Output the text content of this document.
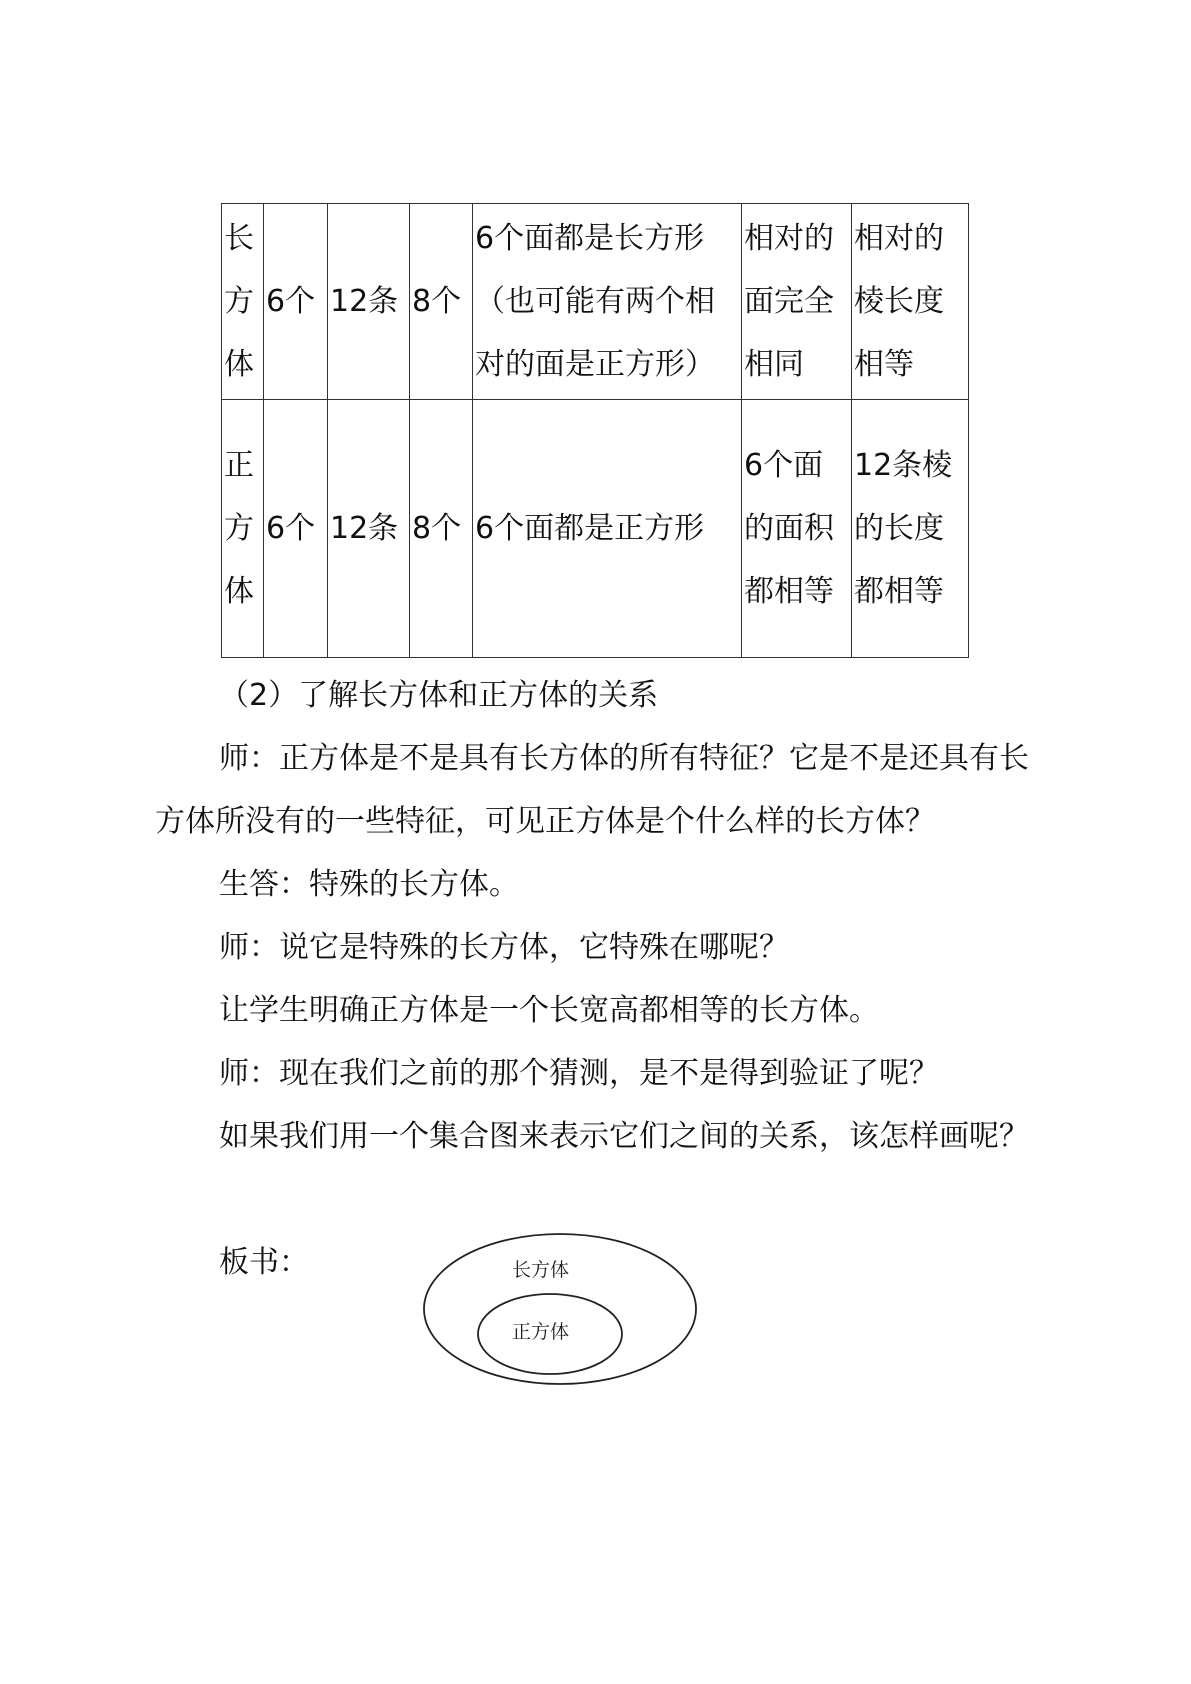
长方体	6个	12条	8个	6个面都是长方形（也可能有两个相对的面是正方形）	相对的面完全相同	相对的棱长度相等
正方体	6个	12条	8个	6个面都是正方形	6个面的面积都相等	12条棱的长度都相等

（2）了解长方体和正方体的关系

师：正方体是不是具有长方体的所有特征？它是不是还具有长方体所没有的一些特征，可见正方体是个什么样的长方体？

生答：特殊的长方体。

师：说它是特殊的长方体，它特殊在哪呢？

让学生明确正方体是一个长宽高都相等的长方体。

师：现在我们之前的那个猜测，是不是得到验证了呢？

如果我们用一个集合图来表示它们之间的关系，该怎样画呢？

板书：	长方体
正方体
